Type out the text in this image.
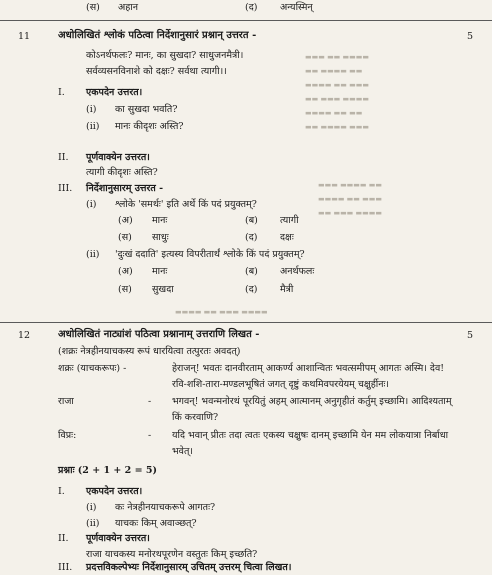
(स) अहान	(द) अन्यस्मिन्
11	अधोलिखितं श्लोकं पठित्वा निर्देशानुसारं प्रश्नान् उत्तरत -	5
कोऽनर्थफलः? मानः, का सुखदा? साधुजनमैत्री।
सर्वव्यसनविनाशे को दक्षः? सर्वथा त्यागी।।
I. एकपदेन उत्तरत।
(i) का सुखदा भवति?
(ii) मानः कीदृशः अस्ति?
II. पूर्णवाक्येन उत्तरत।
त्यागी कीदृशः अस्ति?
III. निर्देशानुसारम् उत्तरत -
(i) श्लोके 'समर्थः' इति अर्थे किं पदं प्रयुक्तम्?
(अ) मानः	(ब) त्यागी
(स) साधुः	(द) दक्षः
(ii) 'दुःखं ददाति' इत्यस्य विपरीतार्थं श्लोके किं पदं प्रयुक्तम्?
(अ) मानः	(ब) अनर्थफलः
(स) सुखदा	(द) मैत्री
▬▬▬ ▬▬ ▬▬▬▬
▬▬ ▬▬▬▬ ▬▬
▬▬▬▬ ▬▬ ▬▬▬
▬▬ ▬▬▬ ▬▬▬▬
▬▬▬▬ ▬▬ ▬▬
▬▬ ▬▬▬▬ ▬▬▬
▬▬▬ ▬▬▬▬ ▬▬
▬▬▬▬ ▬▬ ▬▬▬
▬▬ ▬▬▬ ▬▬▬▬
▬▬▬▬ ▬▬ ▬▬▬ ▬▬▬▬
12	अधोलिखितं नाट्यांशं पठित्वा प्रश्नानाम् उत्तराणि लिखत -	5
(शक्रः नेत्रहीनयाचकस्य रूपं धारयित्वा तत्पुरतः अवदत्)
शक्रः (याचकरूपः) -	हेराजन्! भवतः दानवीरताम् आकर्ण्य आशान्वितः भवत्समीपम् आगतः अस्मि। देव!
रवि-शशि-तारा-मण्डलभूषितं जगत् दृष्टुं कथमिवपरयेयम् चक्षुर्हीनः।
राजा	- भगवन्! भवन्मनोरथं पूरयितुं अहम् आत्मानम् अनुगृहीतं कर्तुम् इच्छामि। आदिश्यताम्
किं करवाणि?
विप्रः:	- यदि भवान् प्रीतः तदा त्वतः एकस्य चक्षुषः दानम् इच्छामि येन मम लोकयात्रा निर्बाधा
भवेत्।
प्रश्नाः (2 + 1 + 2 = 5)
I. एकपदेन उत्तरत।
(i) कः नेत्रहीनयाचकरूपे आगतः?
(ii) याचकः किम् अवाञ्छत्?
II. पूर्णवाक्येन उत्तरत।
राजा याचकस्य मनोरथपूरणेन वस्तुतः किम् इच्छति?
III. प्रदत्तविकल्पेभ्यः निर्देशानुसारम् उचितम् उत्तरम् चित्वा लिखत।
